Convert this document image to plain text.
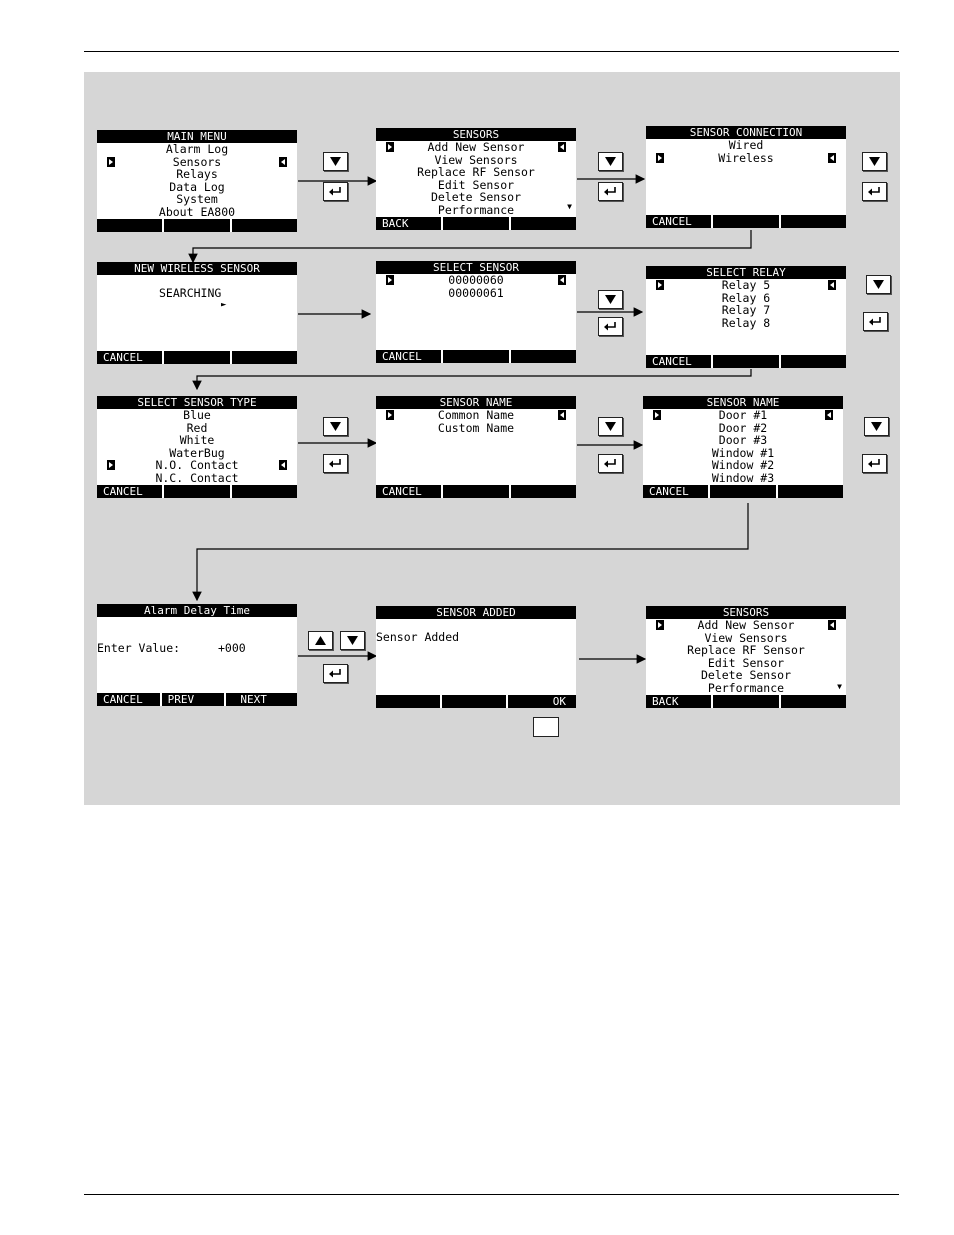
MAIN MENU
Alarm Log
Sensors
Relays
Data Log
System
About EA800
SENSORS
Add New Sensor
View Sensors
Replace RF Sensor
Edit Sensor
Delete Sensor
Performance	▼
BACK
SENSOR CONNECTION
Wired
Wireless
CANCEL
NEW WIRELESS SENSOR
SEARCHING
►
CANCEL
SELECT SENSOR
00000060
00000061
CANCEL
SELECT RELAY
Relay 5
Relay 6
Relay 7
Relay 8
CANCEL
SELECT SENSOR TYPE
Blue
Red
White
WaterBug
N.O. Contact
N.C. Contact
CANCEL
SENSOR NAME
Common Name
Custom Name
CANCEL
SENSOR NAME
Door #1
Door #2
Door #3
Window #1
Window #2
Window #3
CANCEL
Alarm Delay Time
Enter Value:	+000
CANCEL	PREV	NEXT
SENSOR ADDED
Sensor Added
OK
SENSORS
Add New Sensor
View Sensors
Replace RF Sensor
Edit Sensor
Delete Sensor
Performance	▼
BACK
